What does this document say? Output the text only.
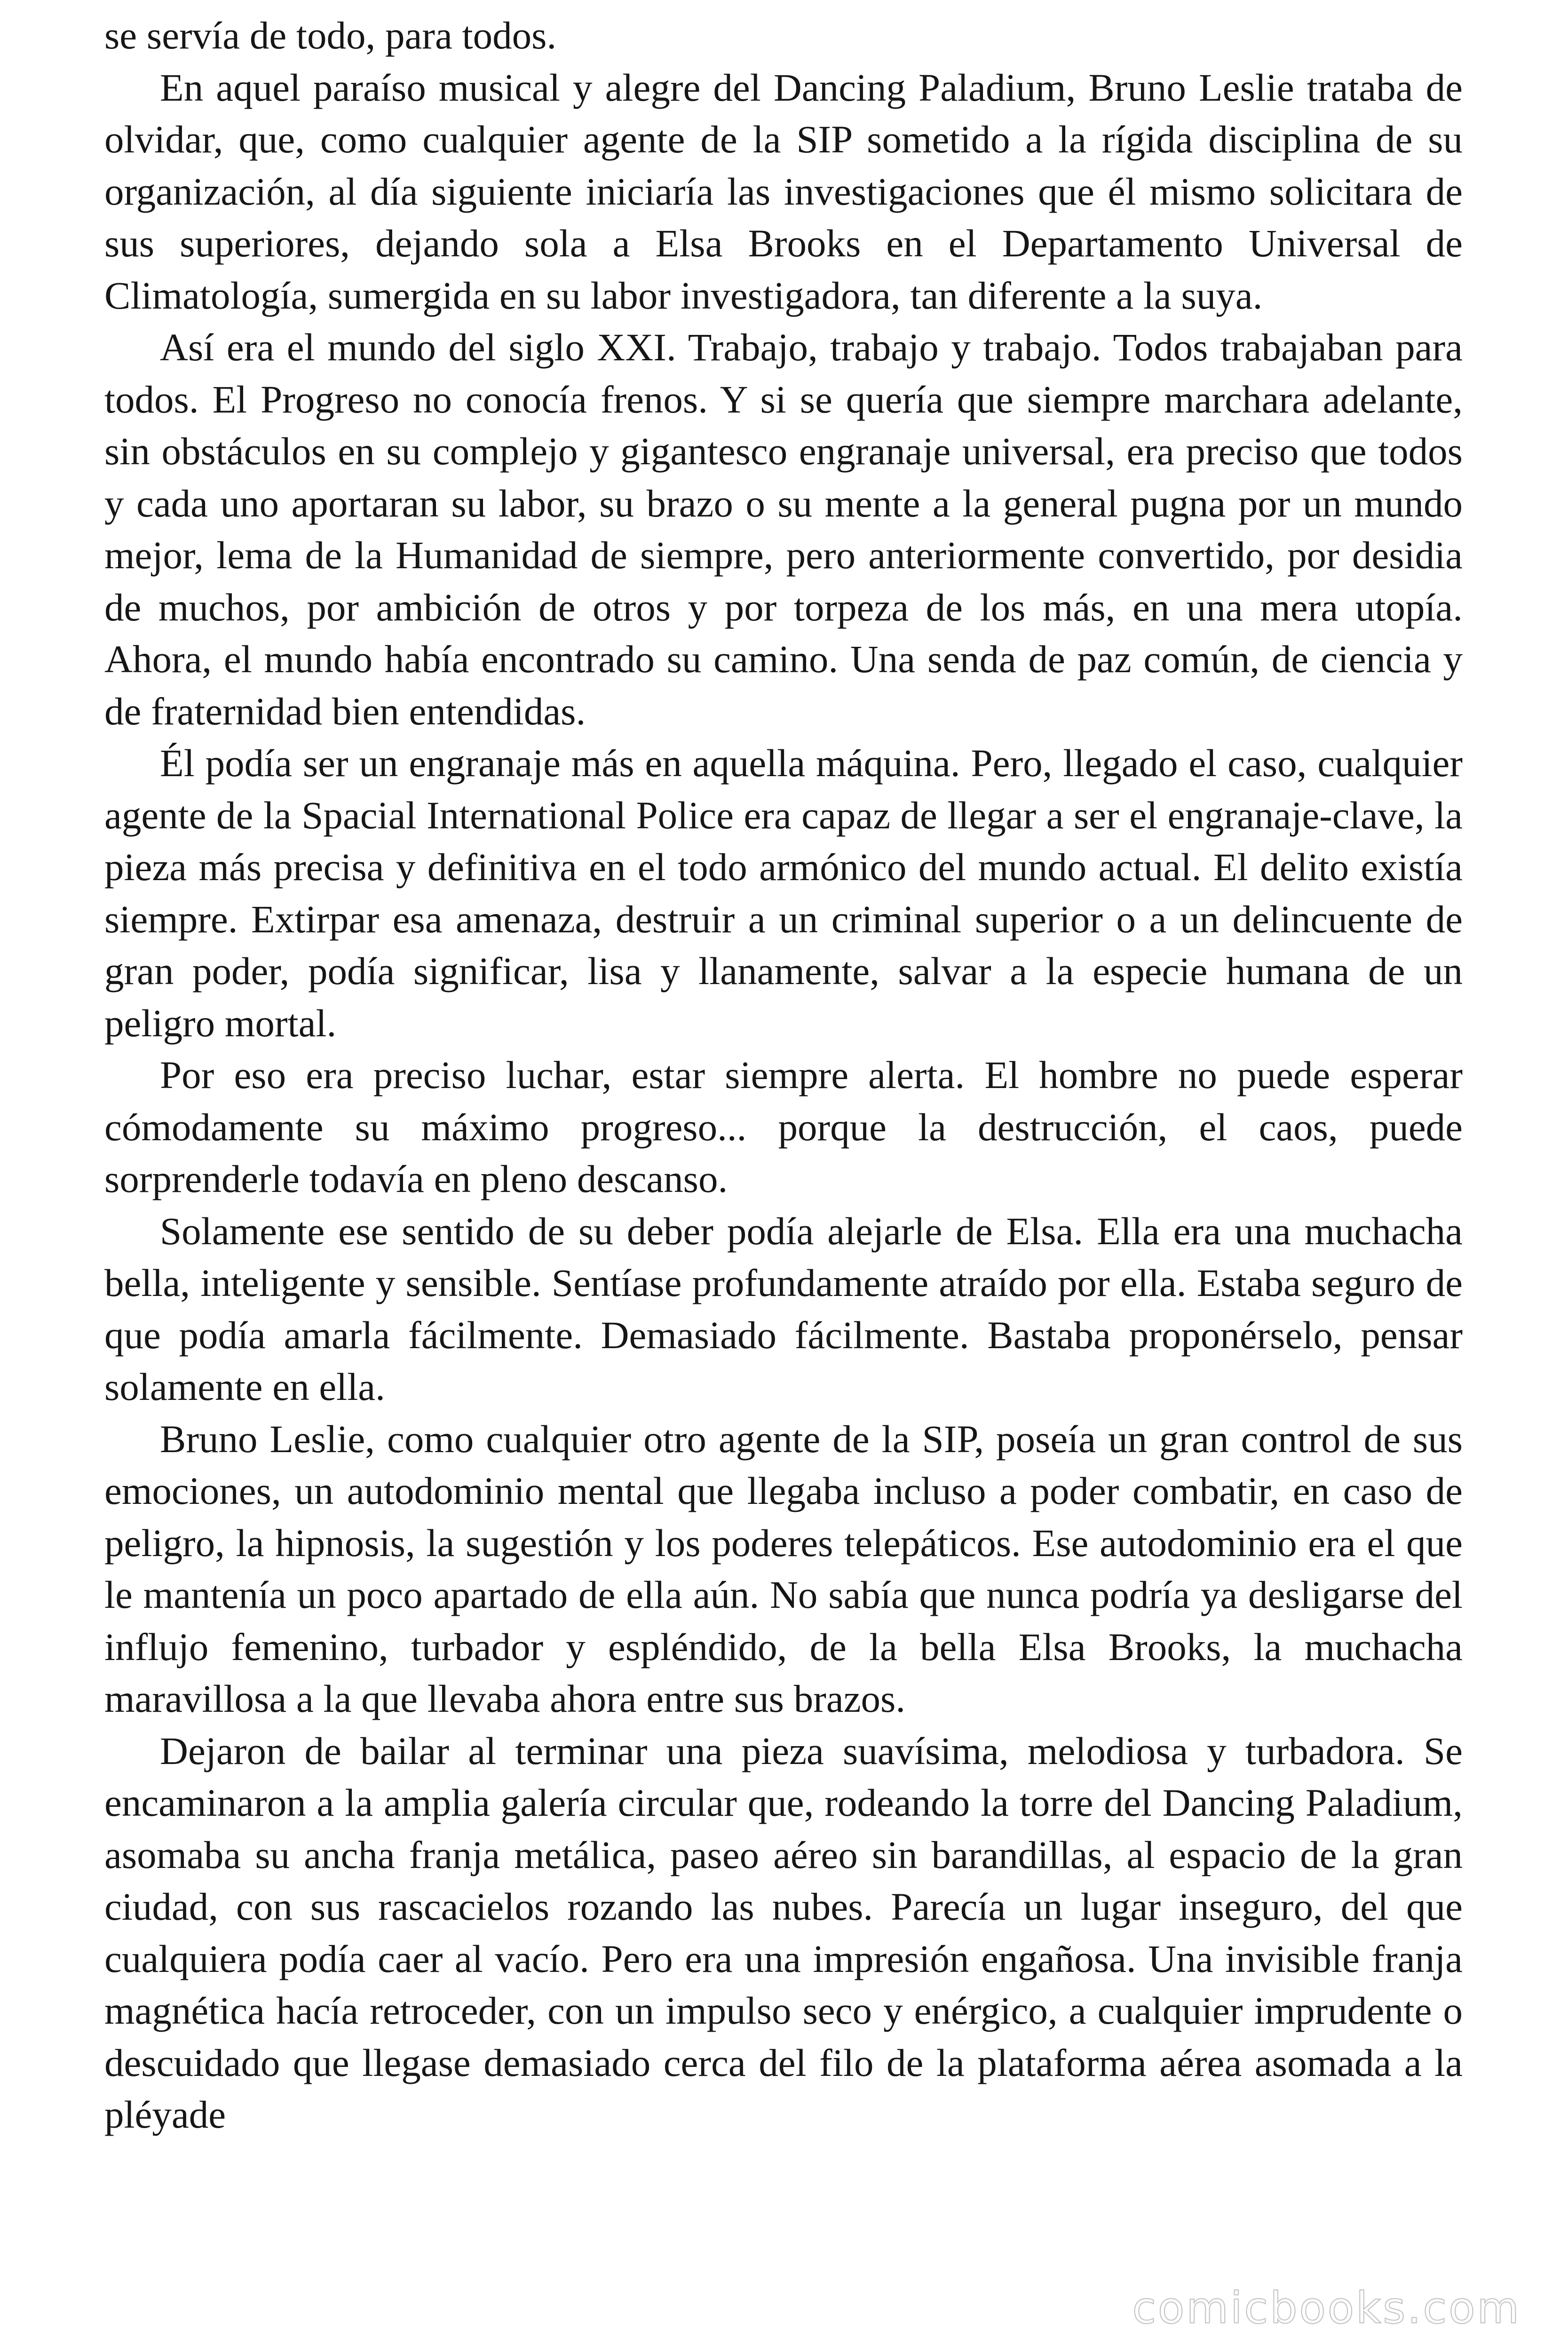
se servía de todo, para todos.

En aquel paraíso musical y alegre del Dancing Paladium, Bruno Leslie trataba de olvidar, que, como cualquier agente de la SIP sometido a la rígida disciplina de su organización, al día siguiente iniciaría las investigaciones que él mismo solicitara de sus superiores, dejando sola a Elsa Brooks en el Departamento Universal de Climatología, sumergida en su labor investigadora, tan diferente a la suya.

Así era el mundo del siglo XXI. Trabajo, trabajo y trabajo. Todos trabajaban para todos. El Progreso no conocía frenos. Y si se quería que siempre marchara adelante, sin obstáculos en su complejo y gigantesco engranaje universal, era preciso que todos y cada uno aportaran su labor, su brazo o su mente a la general pugna por un mundo mejor, lema de la Humanidad de siempre, pero anteriormente convertido, por desidia de muchos, por ambición de otros y por torpeza de los más, en una mera utopía. Ahora, el mundo había encontrado su camino. Una senda de paz común, de ciencia y de fraternidad bien entendidas.

Él podía ser un engranaje más en aquella máquina. Pero, llegado el caso, cualquier agente de la Spacial International Police era capaz de llegar a ser el engranaje-clave, la pieza más precisa y definitiva en el todo armónico del mundo actual. El delito existía siempre. Extirpar esa amenaza, destruir a un criminal superior o a un delincuente de gran poder, podía significar, lisa y llanamente, salvar a la especie humana de un peligro mortal.

Por eso era preciso luchar, estar siempre alerta. El hombre no puede esperar cómodamente su máximo progreso... porque la destrucción, el caos, puede sorprenderle todavía en pleno descanso.

Solamente ese sentido de su deber podía alejarle de Elsa. Ella era una muchacha bella, inteligente y sensible. Sentíase profundamente atraído por ella. Estaba seguro de que podía amarla fácilmente. Demasiado fácilmente. Bastaba proponérselo, pensar solamente en ella.

Bruno Leslie, como cualquier otro agente de la SIP, poseía un gran control de sus emociones, un autodominio mental que llegaba incluso a poder combatir, en caso de peligro, la hipnosis, la sugestión y los poderes telepáticos. Ese autodominio era el que le mantenía un poco apartado de ella aún. No sabía que nunca podría ya desligarse del influjo femenino, turbador y espléndido, de la bella Elsa Brooks, la muchacha maravillosa a la que llevaba ahora entre sus brazos.

Dejaron de bailar al terminar una pieza suavísima, melodiosa y turbadora. Se encaminaron a la amplia galería circular que, rodeando la torre del Dancing Paladium, asomaba su ancha franja metálica, paseo aéreo sin barandillas, al espacio de la gran ciudad, con sus rascacielos rozando las nubes. Parecía un lugar inseguro, del que cualquiera podía caer al vacío. Pero era una impresión engañosa. Una invisible franja magnética hacía retroceder, con un impulso seco y enérgico, a cualquier imprudente o descuidado que llegase demasiado cerca del filo de la plataforma aérea asomada a la pléyade

comicbooks.com
